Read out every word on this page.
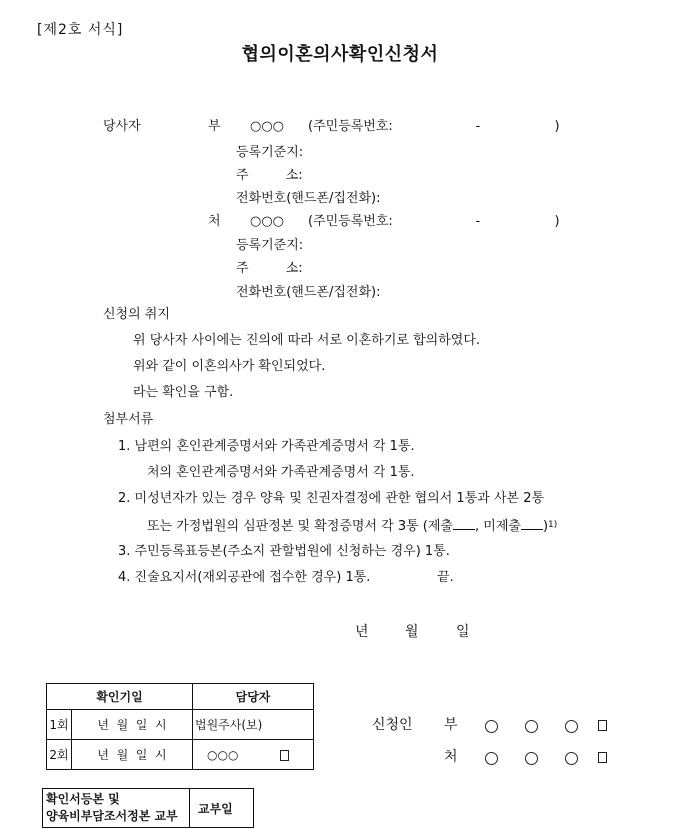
[제2호 서식]
협의이혼의사확인신청서
당사자	부 ○○○ (주민등록번호:                    -                  )
등록기준지:
주         소:
전화번호(핸드폰/집전화):
처 ○○○ (주민등록번호:                    -                  )
등록기준지:
주         소:
전화번호(핸드폰/집전화):
신청의 취지
위 당사자 사이에는 진의에 따라 서로 이혼하기로 합의하였다.
위와 같이 이혼의사가 확인되었다.
라는 확인을 구함.
첨부서류
1. 남편의 혼인관계증명서와 가족관계증명서 각 1통.
처의 혼인관계증명서와 가족관계증명서 각 1통.
2. 미성년자가 있는 경우 양육 및 친권자결정에 관한 협의서 1통과 사본 2통
또는 가정법원의 심판정본 및 확정증명서 각 3통 (제출 , 미제출 )$^{1)}$
3. 주민등록표등본(주소지 관할법원에 신청하는 경우) 1통.
4. 진술요지서(재외공관에 접수한 경우) 1통.	끝.
년	월	일
확인기일		담당자
1회	년  월  일  시	법원주사(보)
2회	년  월  일  시	○○○
신청인 부
처
확인서등본 및 양육비부담조서정본 교부	교부일
